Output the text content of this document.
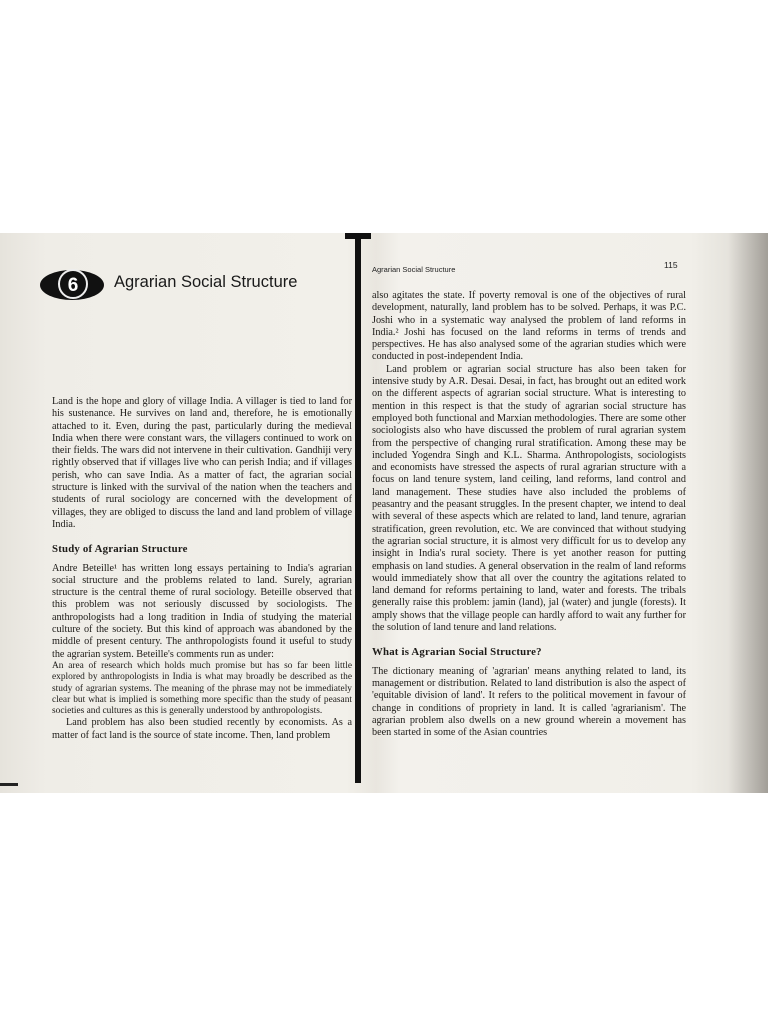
6	Agrarian Social Structure

Land is the hope and glory of village India. A villager is tied to land for his sustenance. He survives on land and, therefore, he is emotionally attached to it. Even, during the past, particularly during the medieval India when there were constant wars, the villagers continued to work on their fields. The wars did not intervene in their cultivation. Gandhiji very rightly observed that if villages live who can perish India; and if villages perish, who can save India. As a matter of fact, the agrarian social structure is linked with the survival of the nation when the teachers and students of rural sociology are concerned with the development of villages, they are obliged to discuss the land and land problem of village India.

Study of Agrarian Structure

Andre Beteille¹ has written long essays pertaining to India's agrarian social structure and the problems related to land. Surely, agrarian structure is the central theme of rural sociology. Beteille observed that this problem was not seriously discussed by sociologists. The anthropologists had a long tradition in India of studying the material culture of the society. But this kind of approach was abandoned by the middle of present century. The anthropologists found it useful to study the agrarian system. Beteille's comments run as under:

An area of research which holds much promise but has so far been little explored by anthropologists in India is what may broadly be described as the study of agrarian systems. The meaning of the phrase may not be immediately clear but what is implied is something more specific than the study of peasant societies and cultures as this is generally understood by anthropologists.

Land problem has also been studied recently by economists. As a matter of fact land is the source of state income. Then, land problem

Agrarian Social Structure	115

also agitates the state. If poverty removal is one of the objectives of rural development, naturally, land problem has to be solved. Perhaps, it was P.C. Joshi who in a systematic way analysed the problem of land reforms in India.² Joshi has focused on the land reforms in terms of trends and perspectives. He has also analysed some of the agrarian studies which were conducted in post-independent India.

Land problem or agrarian social structure has also been taken for intensive study by A.R. Desai. Desai, in fact, has brought out an edited work on the different aspects of agrarian social structure. What is interesting to mention in this respect is that the study of agrarian social structure has employed both functional and Marxian methodologies. There are some other sociologists also who have discussed the problem of rural agrarian system from the perspective of changing rural stratification. Among these may be included Yogendra Singh and K.L. Sharma. Anthropologists, sociologists and economists have stressed the aspects of rural agrarian structure with a focus on land tenure system, land ceiling, land reforms, land control and land management. These studies have also included the problems of peasantry and the peasant struggles. In the present chapter, we intend to deal with several of these aspects which are related to land, land tenure, agrarian stratification, green revolution, etc. We are convinced that without studying the agrarian social structure, it is almost very difficult for us to develop any insight in India's rural society. There is yet another reason for putting emphasis on land studies. A general observation in the realm of land reforms would immediately show that all over the country the agitations related to land demand for reforms pertaining to land, water and forests. The tribals generally raise this problem: jamin (land), jal (water) and jungle (forests). It amply shows that the village people can hardly afford to wait any further for the solution of land tenure and land relations.

What is Agrarian Social Structure?

The dictionary meaning of 'agrarian' means anything related to land, its management or distribution. Related to land distribution is also the aspect of 'equitable division of land'. It refers to the political movement in favour of change in conditions of propriety in land. It is called 'agrarianism'. The agrarian problem also dwells on a new ground wherein a movement has been started in some of the Asian countries
